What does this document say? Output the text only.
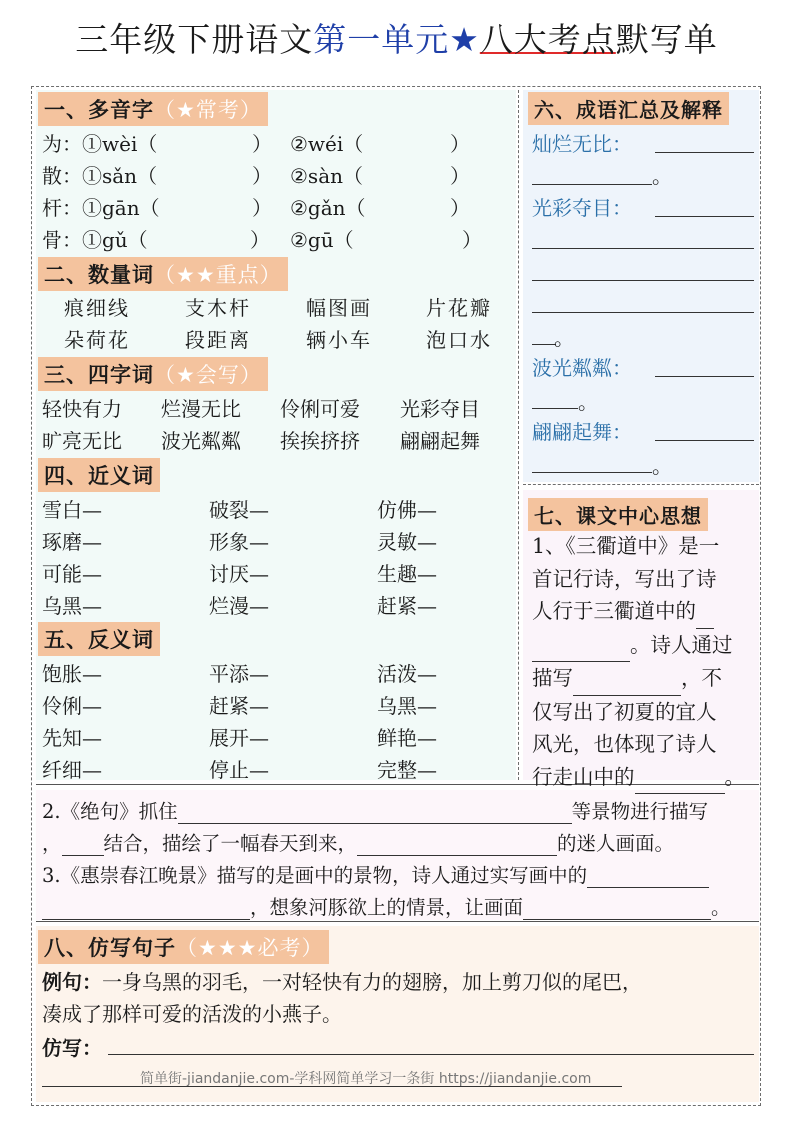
三年级下册语文第一单元★八大考点默写单
一、多音字（★常考）
为：①wèi（	） ②wéi（	）
散：①sǎn（	） ②sàn（	）
杆：①gān（	） ②gǎn（	）
骨：①gǔ（	） ②gū（	）
二、数量词（★★重点）
痕细线	支木杆	幅图画	片花瓣
朵荷花	段距离	辆小车	泡口水
三、四字词（★会写）
轻快有力 烂漫无比 伶俐可爱 光彩夺目
旷亮无比 波光粼粼 挨挨挤挤 翩翩起舞
四、近义词
雪白—	破裂—	仿佛—
琢磨—	形象—	灵敏—
可能—	讨厌—	生趣—
乌黑—	烂漫—	赶紧—
五、反义词
饱胀—	平添—	活泼—
伶俐—	赶紧—	乌黑—
先知—	展开—	鲜艳—
纤细—	停止—	完整—
六、成语汇总及解释
灿烂无比：
。
光彩夺目：
。
波光粼粼：
。
翩翩起舞：
。
七、课文中心思想
1、《三衢道中》是一
首记行诗，写出了诗
人行于三衢道中的
。诗人通过
描写	，不
仅写出了初夏的宜人
风光，也体现了诗人
行走山中的	。
2.《绝句》抓住	等景物进行描写
， 结合，描绘了一幅春天到来，	的迷人画面。
3.《惠崇春江晚景》描写的是画中的景物，诗人通过实写画中的
，想象河豚欲上的情景，让画面	。
八、仿写句子（★★★必考）
例句：一身乌黑的羽毛，一对轻快有力的翅膀，加上剪刀似的尾巴，
凑成了那样可爱的活泼的小燕子。
仿写：
简单街-jiandanjie.com-学科网简单学习一条街 https://jiandanjie.com
